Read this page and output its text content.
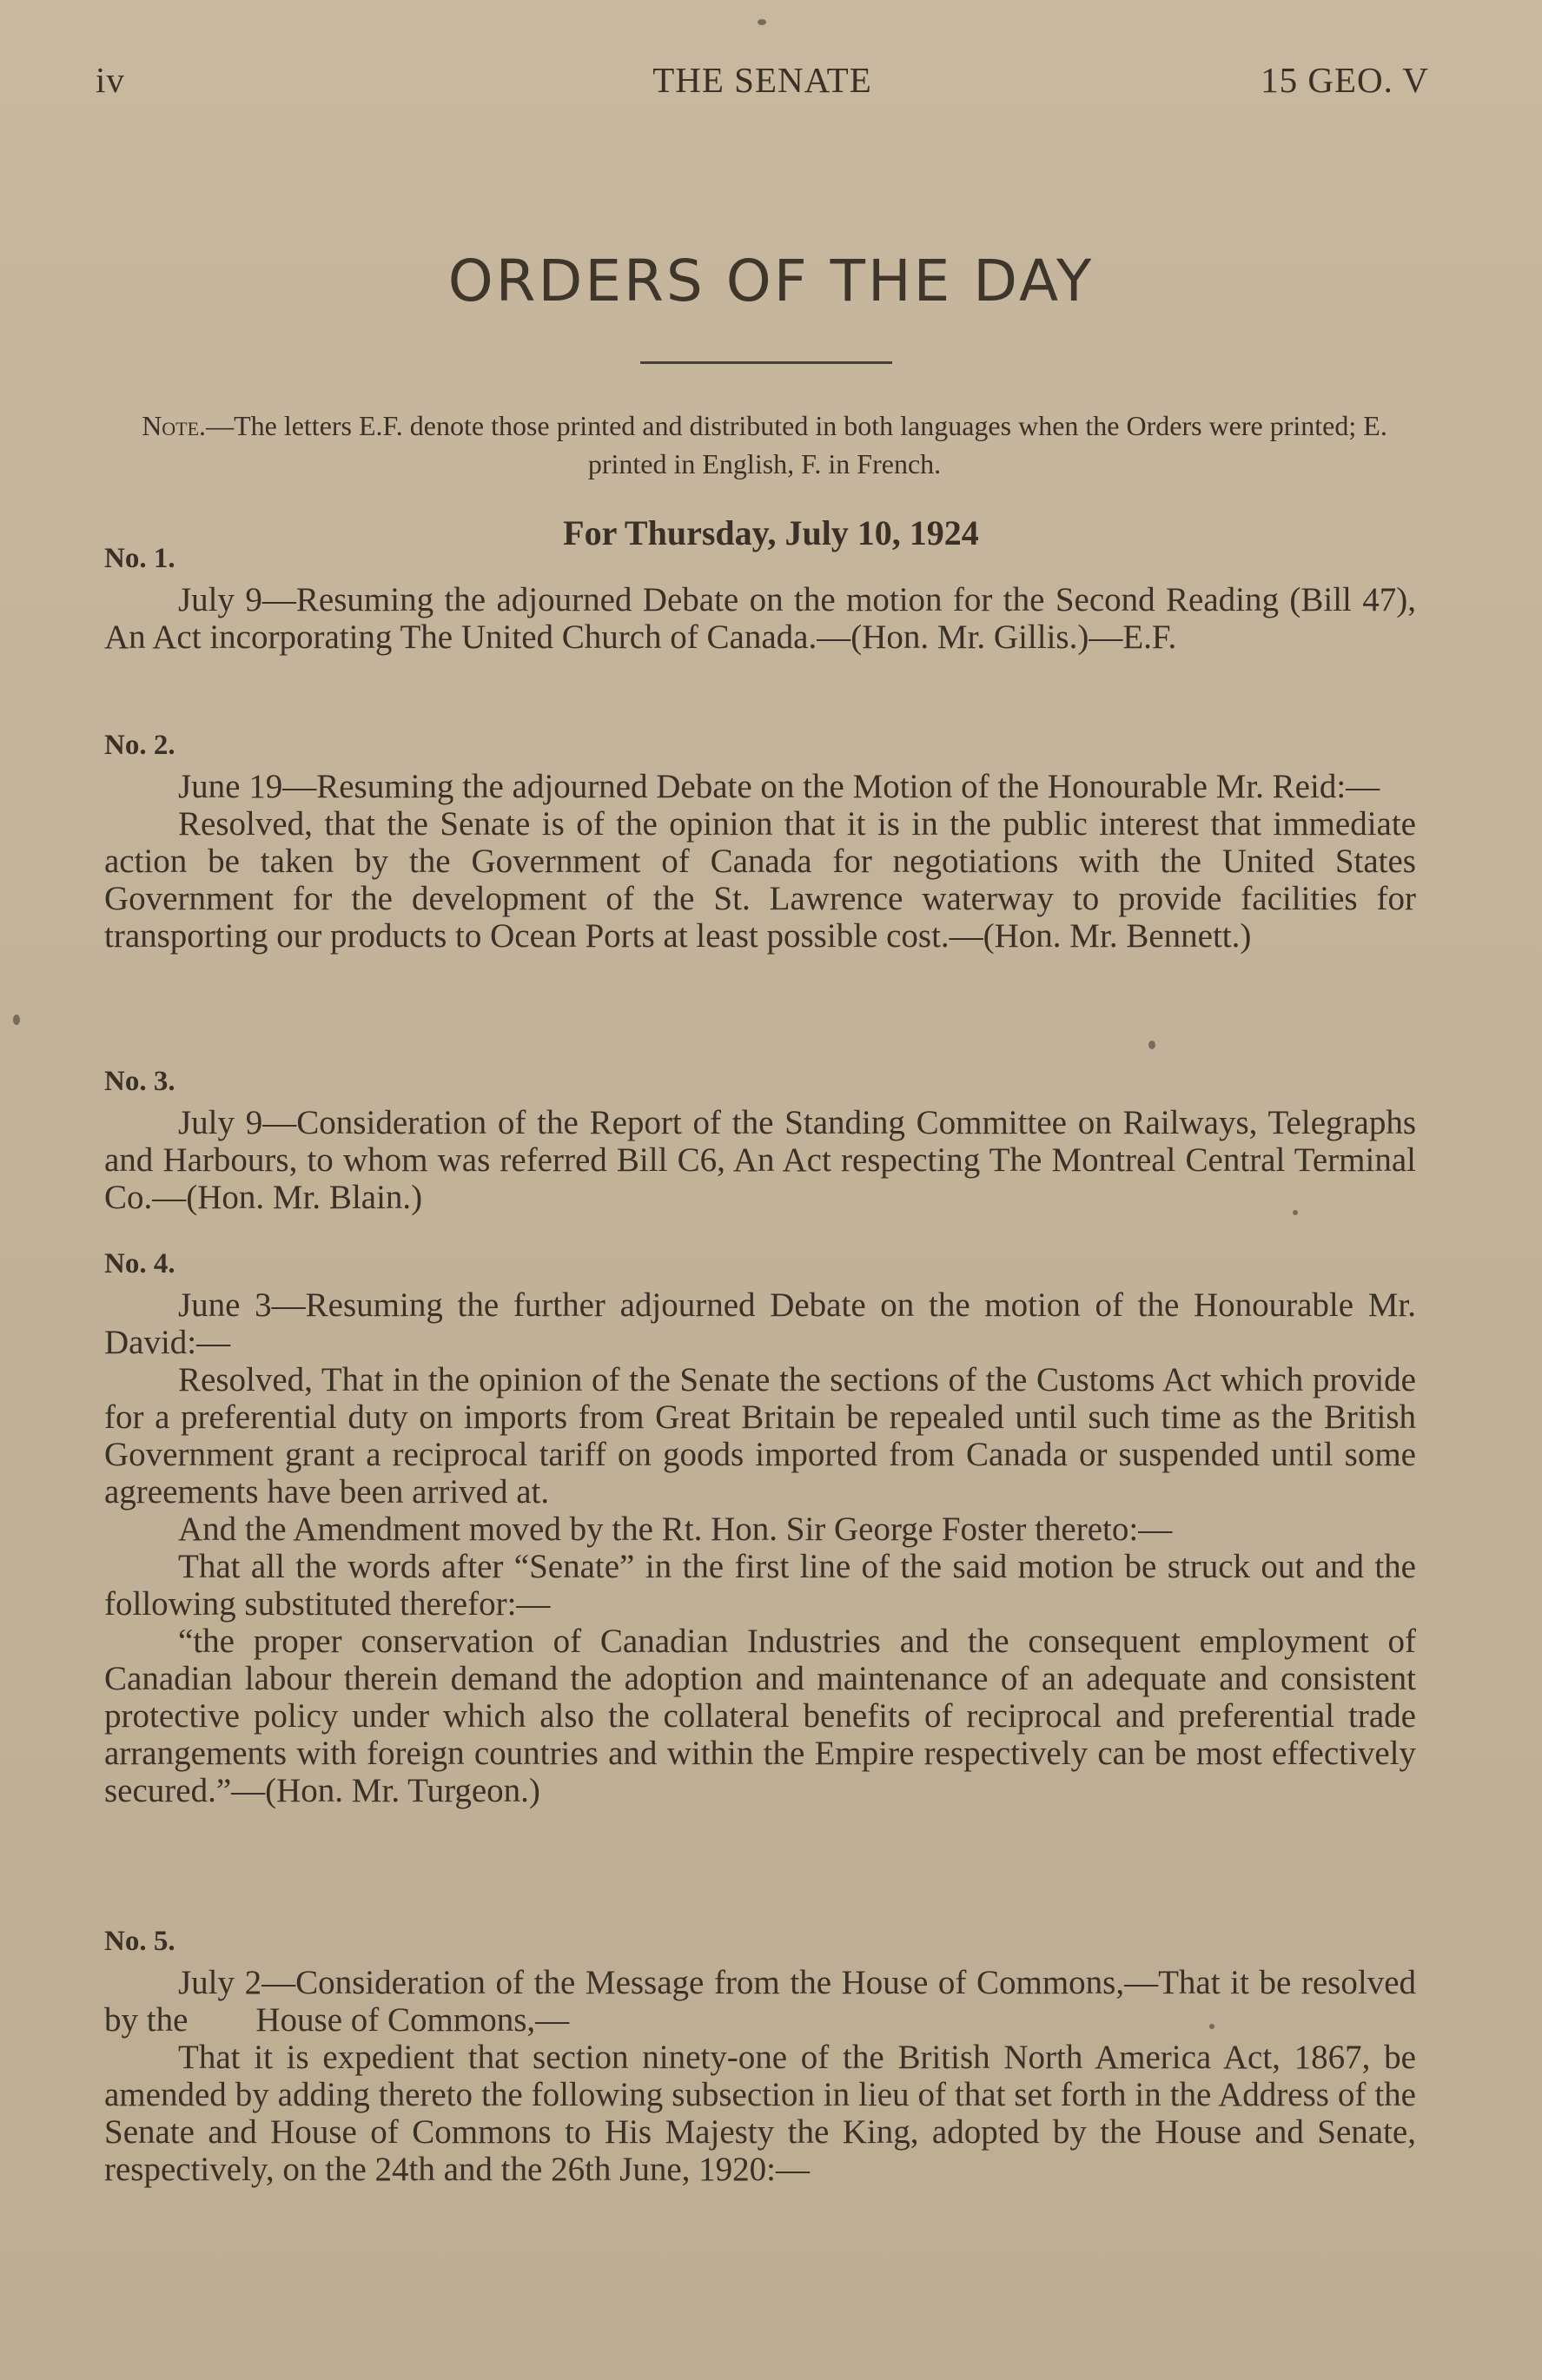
iv	THE SENATE	15 GEO. V
ORDERS OF THE DAY
Note.—The letters E.F. denote those printed and distributed in both languages when the Orders were printed; E. printed in English, F. in French.
For Thursday, July 10, 1924
No. 1.

July 9—Resuming the adjourned Debate on the motion for the Second Reading (Bill 47), An Act incorporating The United Church of Canada.—(Hon. Mr. Gillis.)—E.F.

No. 2.

June 19—Resuming the adjourned Debate on the Motion of the Honourable Mr. Reid:—

Resolved, that the Senate is of the opinion that it is in the public interest that immediate action be taken by the Government of Canada for negotiations with the United States Government for the development of the St. Lawrence waterway to provide facilities for transporting our products to Ocean Ports at least possible cost.—(Hon. Mr. Bennett.)

No. 3.

July 9—Consideration of the Report of the Standing Committee on Railways, Telegraphs and Harbours, to whom was referred Bill C6, An Act respecting The Montreal Central Terminal Co.—(Hon. Mr. Blain.)

No. 4.

June 3—Resuming the further adjourned Debate on the motion of the Honourable Mr. David:—

Resolved, That in the opinion of the Senate the sections of the Customs Act which provide for a preferential duty on imports from Great Britain be repealed until such time as the British Government grant a reciprocal tariff on goods imported from Canada or suspended until some agreements have been arrived at.

And the Amendment moved by the Rt. Hon. Sir George Foster thereto:—

That all the words after “Senate” in the first line of the said motion be struck out and the following substituted therefor:—

“the proper conservation of Canadian Industries and the consequent employment of Canadian labour therein demand the adoption and maintenance of an adequate and consistent protective policy under which also the collateral benefits of reciprocal and preferential trade arrangements with foreign countries and within the Empire respectively can be most effectively secured.”—(Hon. Mr. Turgeon.)

No. 5.

July 2—Consideration of the Message from the House of Commons,—That it be resolved by the        House of Commons,—

That it is expedient that section ninety-one of the British North America Act, 1867, be amended by adding thereto the following subsection in lieu of that set forth in the Address of the Senate and House of Commons to His Majesty the King, adopted by the House and Senate, respectively, on the 24th and the 26th June, 1920:—
